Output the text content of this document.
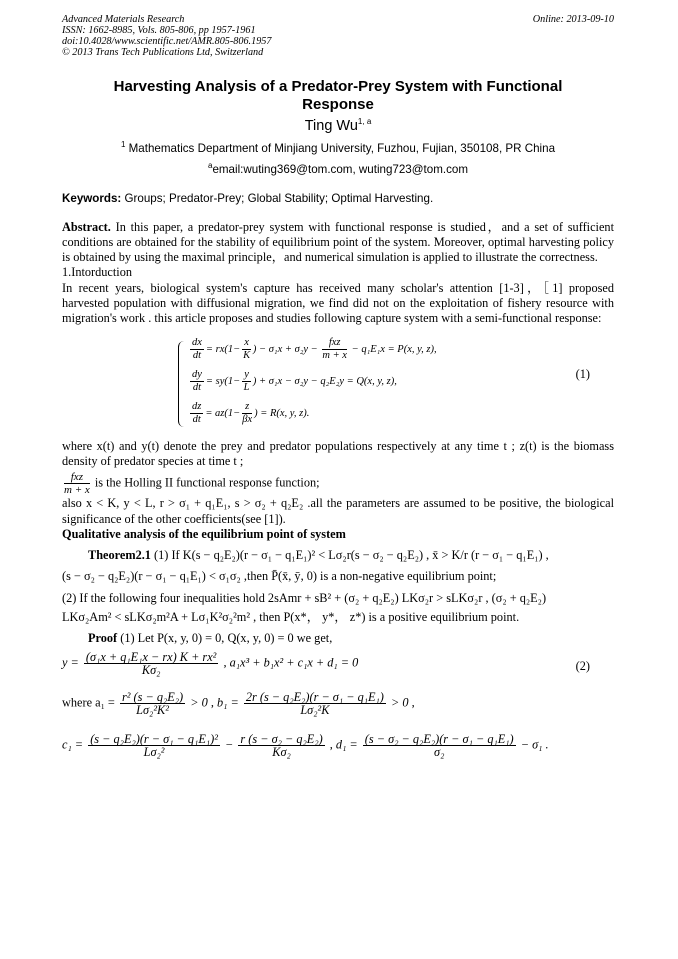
Advanced Materials Research
ISSN: 1662-8985, Vols. 805-806, pp 1957-1961
doi:10.4028/www.scientific.net/AMR.805-806.1957
© 2013 Trans Tech Publications Ltd, Switzerland
Online: 2013-09-10
Harvesting Analysis of a Predator-Prey System with Functional Response
Ting Wu$^{1, a}$
$^1$ Mathematics Department of Minjiang University, Fuzhou, Fujian, 350108, PR China
$^a$email:wuting369@tom.com, wuting723@tom.com
Keywords: Groups; Predator-Prey; Global Stability; Optimal Harvesting.

Abstract. In this paper, a predator-prey system with functional response is studied，and a set of sufficient conditions are obtained for the stability of equilibrium point of the system. Moreover, optimal harvesting policy is obtained by using the maximal principle，and numerical simulation is applied to illustrate the correctness.

1.Intorduction

In recent years, biological system's capture has received many scholar's attention [1-3]，［1] proposed harvested population with diffusional migration, we find did not on the exploitation of fishery resource with migration's work . this article proposes and studies following capture system with a semi-functional response:

$\frac{dx}{dt} = rx(1- \frac{x}{K}$ ) − $\sigma_1x + \sigma_2y - \frac{\text{fxz}}{m + x} - q_1E_1x = P(x$, y, z),
$\frac{dy}{dt} = sy(1- \frac{y}{L}$ ) + σ₁x − σ₂y − q₂E₂y = Q(x, y, z),
$\frac{dz}{dt} = az(1- \frac{z}{\beta x}$ ) = R(x, y, z).
(1)

where x(t) and y(t) denote the prey and predator populations respectively at any time t ; z(t) is the biomass density of predator species at time t ;

$\frac{\text{fxz}}{m + x}$ is the Holling II functional response function;

also x < K, y < L, r > σ₁ + q₁E₁, s > σ₂ + q₂E₂ .all the parameters are assumed to be positive, the biological significance of the other coefficients(see [1]).

Qualitative analysis of the equilibrium point of system

Theorem2.1 (1) If K(s − q₂E₂)(r − σ₁ − q₁E₁)² < Lσ₂r(s − σ₂ − q₂E₂) , x̄ > K/r (r − σ₁ − q₁E₁) ,

(s − σ₂ − q₂E₂)(r − σ₁ − q₁E₁) < σ₁σ₂ ,then P̄(x̄, ȳ, 0) is a non-negative equilibrium point;

(2) If the following four inequalities hold 2sAmr + sB² + (σ₂ + q₂E₂) LKσ₂r > sLKσ₂r , (σ₂ + q₂E₂)

LKσ₂Am² < sLKσ₂m²A + Lσ₁K²σ₂²m² , then P(x*， y*， z*) is a positive equilibrium point.

Proof (1) Let P(x, y, 0) = 0, Q(x, y, 0) = 0 we get,

$y = \frac{\text{(σ₁x + q₁E₁x − rx) K + rx²}}{\text{Kσ₂}}$ , a₁x³ + b₁x² + c₁x + d₁ = 0	(2)
where $a_1 = \frac{\text{r² (s − q₂E₂)}}{\text{Lσ₂²K²}} > 0$ , $b_1 = \frac{\text{2r (s − q₂E₂)(r − σ₁ − q₁E₁)}}{\text{Lσ₂²K}} > 0$ ,
$c_1 = \frac{\text{(s − q₂E₂)(r − σ₁ − q₁E₁)²}}{\text{Lσ₂²}} - \frac{\text{r (s − σ₂ − q₂E₂)}}{\text{Kσ₂}}$ , $d_1 = \frac{\text{(s − σ₂ − q₂E₂)(r − σ₁ − q₁E₁)}}{\text{σ₂}} - \sigma_1$ .
